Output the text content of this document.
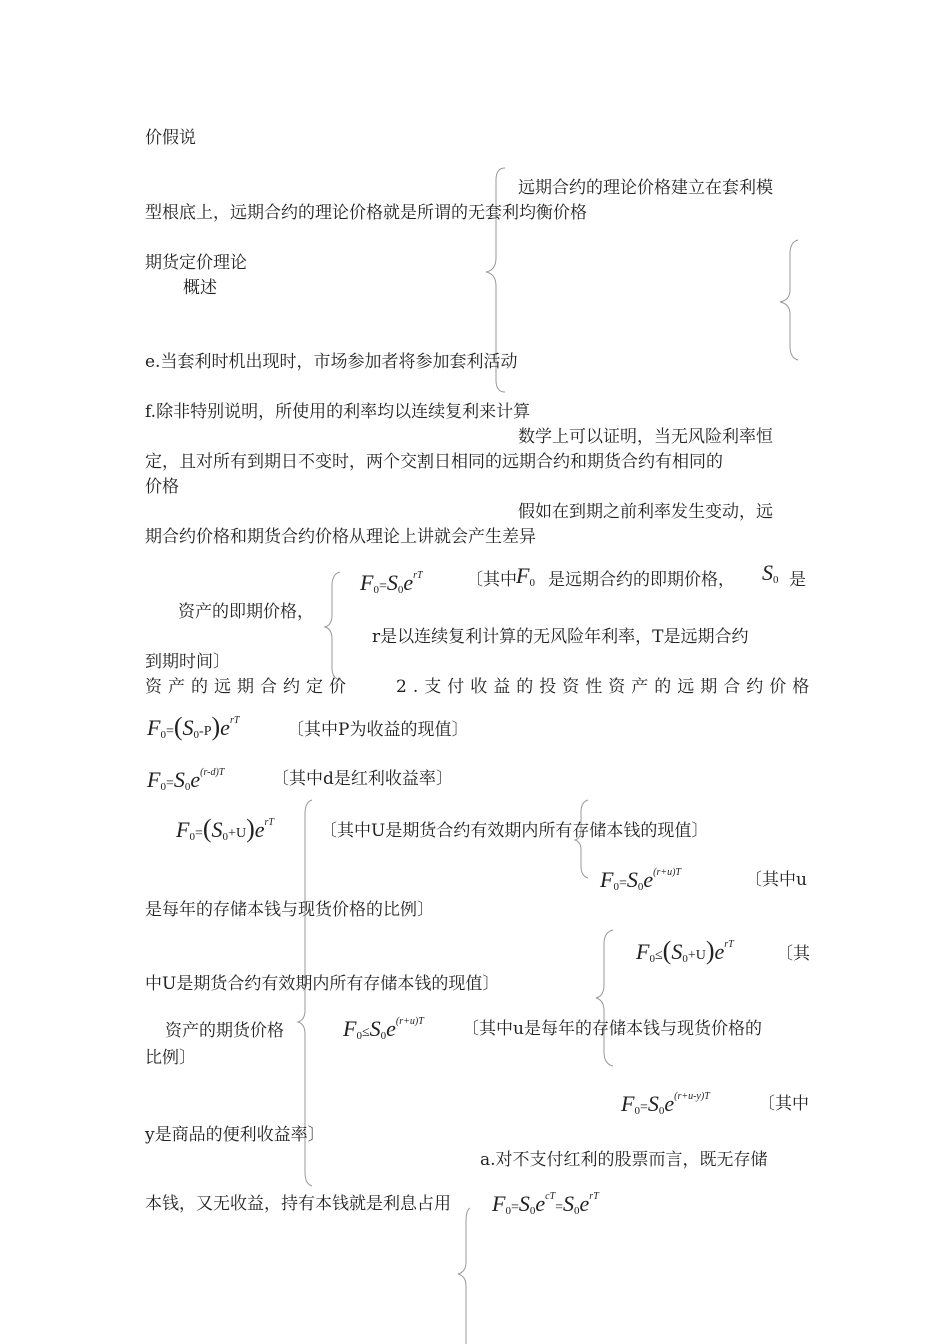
价假说
远期合约的理论价格建立在套利模
型根底上，远期合约的理论价格就是所谓的无套利均衡价格
期货定价理论
概述
e.当套利时机出现时，市场参加者将参加套利活动
f.除非特别说明，所使用的利率均以连续复利来计算
数学上可以证明，当无风险利率恒
定，且对所有到期日不变时，两个交割日相同的远期合约和期货合约有相同的
价格
假如在到期之前利率发生变动，远
期合约价格和期货合约价格从理论上讲就会产生差异
$F_0=S_0e^{rT}$	〔其中 $F_0$ 是远期合约的即期价格， $S_0$ 是
资产的即期价格，
r是以连续复利计算的无风险年利率，T是远期合约
到期时间〕
资产的远期合约定价	2.支付收益的投资性资产的远期合约价格
$F_0=(S_0-P)e^{rT}$	〔其中P为收益的现值〕
$F_0=S_0e^{(r-d)T}$	〔其中d是红利收益率〕
$F_0=(S_0+U)e^{rT}$	〔其中U是期货合约有效期内所有存储本钱的现值〕
$F_0=S_0e^{(r+u)T}$	〔其中u
是每年的存储本钱与现货价格的比例〕
$F_0\le(S_0+U)e^{rT}$ 〔其
中U是期货合约有效期内所有存储本钱的现值〕
资产的期货价格	$F_0\le S_0e^{(r+u)T}$ 〔其中u是每年的存储本钱与现货价格的
比例〕
$F_0=S_0e^{(r+u-y)T}$	〔其中
y是商品的便利收益率〕
a.对不支付红利的股票而言，既无存储
本钱，又无收益，持有本钱就是利息占用 $F_0=S_0e^{cT}=S_0e^{rT}$
